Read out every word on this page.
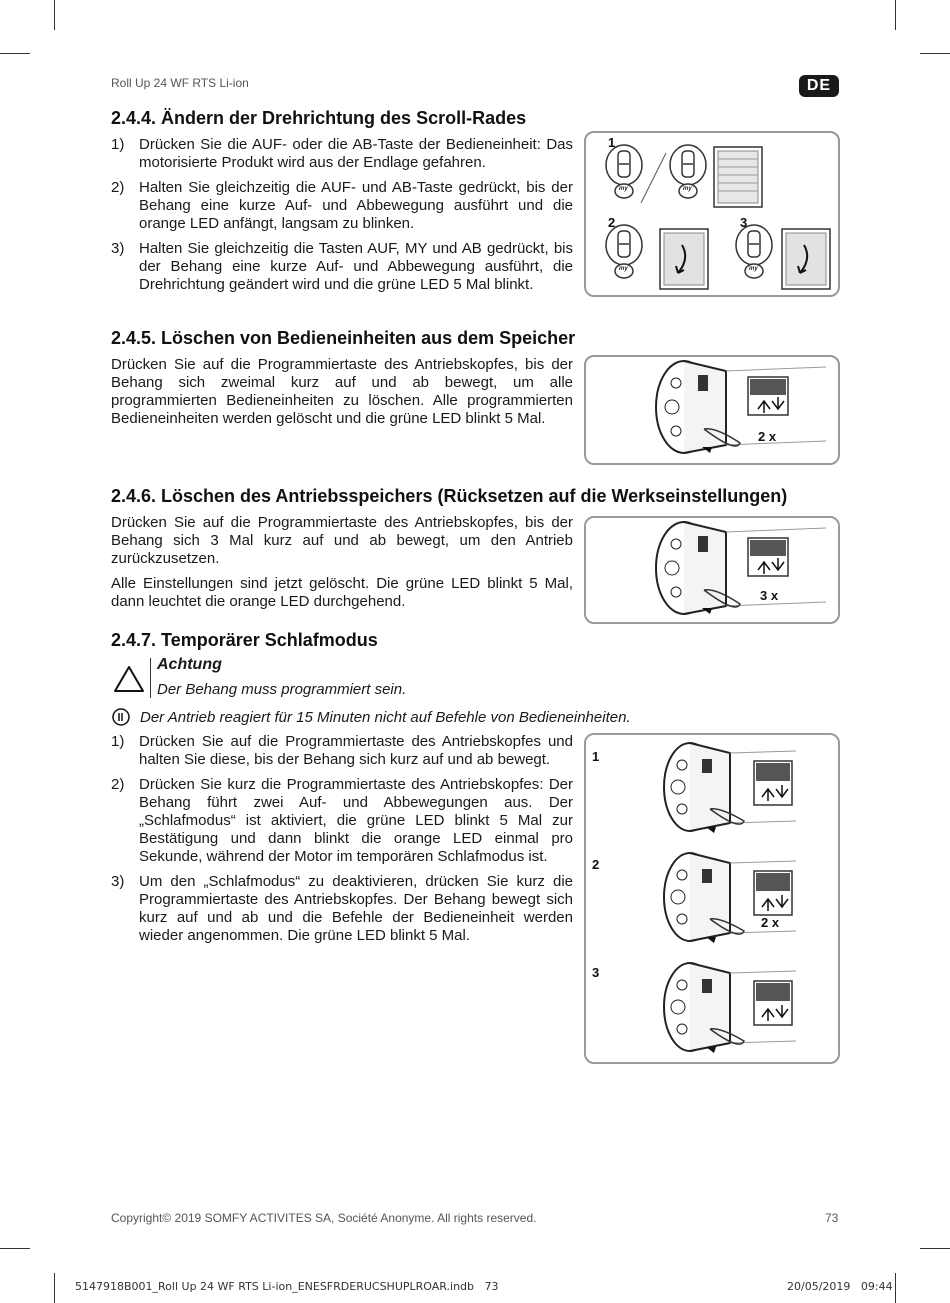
Roll Up 24 WF RTS Li-ion	DE
2.4.4. Ändern der Drehrichtung des Scroll-Rades
1) Drücken Sie die AUF- oder die AB-Taste der Bedieneinheit: Das motorisierte Produkt wird aus der Endlage gefahren.
2) Halten Sie gleichzeitig die AUF- und AB-Taste gedrückt, bis der Behang eine kurze Auf- und Abbewegung ausführt und die orange LED anfängt, langsam zu blinken.
3) Halten Sie gleichzeitig die Tasten AUF, MY und AB gedrückt, bis der Behang eine kurze Auf- und Abbewegung ausführt, die Drehrichtung geändert wird und die grüne LED 5 Mal blinkt.
1
2	3
my	my
my	my
2.4.5. Löschen von Bedieneinheiten aus dem Speicher
Drücken Sie auf die Programmiertaste des Antriebskopfes, bis der Behang sich zweimal kurz auf und ab bewegt, um alle programmierten Bedieneinheiten zu löschen. Alle programmierten Bedieneinheiten werden gelöscht und die grüne LED blinkt 5 Mal.
2 x
2.4.6. Löschen des Antriebsspeichers (Rücksetzen auf die Werkseinstellungen)
Drücken Sie auf die Programmiertaste des Antriebskopfes, bis der Behang sich 3 Mal kurz auf und ab bewegt, um den Antrieb zurückzusetzen.
Alle Einstellungen sind jetzt gelöscht. Die grüne LED blinkt 5 Mal, dann leuchtet die orange LED durchgehend.	3 x
2.4.7. Temporärer Schlafmodus
Achtung
Der Behang muss programmiert sein.
Der Antrieb reagiert für 15 Minuten nicht auf Befehle von Bedieneinheiten.
1) Drücken Sie auf die Programmiertaste des Antriebskopfes und halten Sie diese, bis der Behang sich kurz auf und ab bewegt.
2) Drücken Sie kurz die Programmiertaste des Antriebskopfes: Der Behang führt zwei Auf- und Abbewegungen aus. Der „Schlafmodus“ ist aktiviert, die grüne LED blinkt 5 Mal zur Bestätigung und dann blinkt die orange LED einmal pro Sekunde, während der Motor im temporären Schlafmodus ist.
3) Um den „Schlafmodus“ zu deaktivieren, drücken Sie kurz die Programmiertaste des Antriebskopfes. Der Behang bewegt sich kurz auf und ab und die Befehle der Bedieneinheit werden wieder angenommen. Die grüne LED blinkt 5 Mal.
1
2
3
2 x
Copyright© 2019 SOMFY ACTIVITES SA, Société Anonyme. All rights reserved.	73
5147918B001_Roll Up 24 WF RTS Li-ion_ENESFRDERUCSHUPLROAR.indb   73	20/05/2019   09:44
